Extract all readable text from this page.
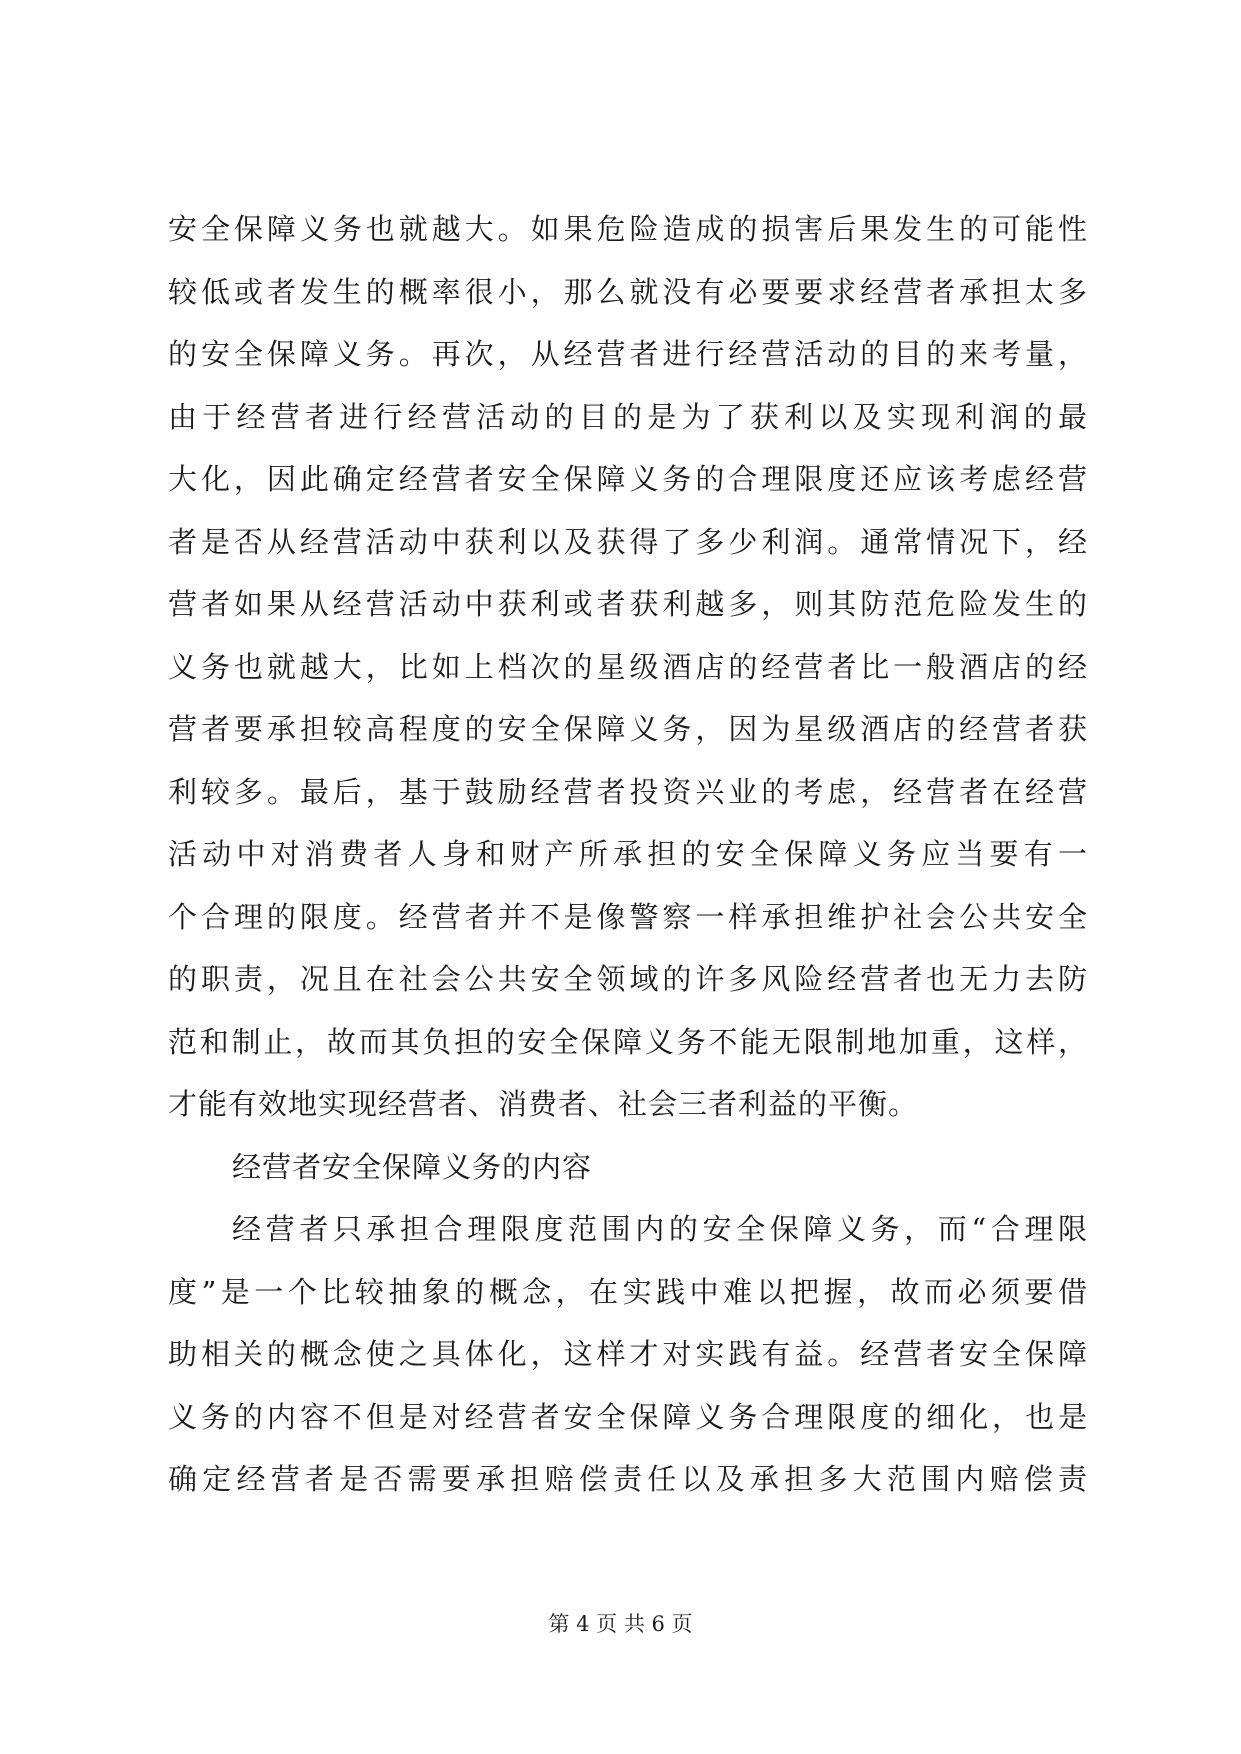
安全保障义务也就越大。如果危险造成的损害后果发生的可能性
较低或者发生的概率很小，那么就没有必要要求经营者承担太多
的安全保障义务。再次，从经营者进行经营活动的目的来考量，
由于经营者进行经营活动的目的是为了获利以及实现利润的最
大化，因此确定经营者安全保障义务的合理限度还应该考虑经营
者是否从经营活动中获利以及获得了多少利润。通常情况下，经
营者如果从经营活动中获利或者获利越多，则其防范危险发生的
义务也就越大，比如上档次的星级酒店的经营者比一般酒店的经
营者要承担较高程度的安全保障义务，因为星级酒店的经营者获
利较多。最后，基于鼓励经营者投资兴业的考虑，经营者在经营
活动中对消费者人身和财产所承担的安全保障义务应当要有一
个合理的限度。经营者并不是像警察一样承担维护社会公共安全
的职责，况且在社会公共安全领域的许多风险经营者也无力去防
范和制止，故而其负担的安全保障义务不能无限制地加重，这样，
才能有效地实现经营者、消费者、社会三者利益的平衡。
经营者安全保障义务的内容
经营者只承担合理限度范围内的安全保障义务，而“合理限
度”是一个比较抽象的概念，在实践中难以把握，故而必须要借
助相关的概念使之具体化，这样才对实践有益。经营者安全保障
义务的内容不但是对经营者安全保障义务合理限度的细化，也是
确定经营者是否需要承担赔偿责任以及承担多大范围内赔偿责
第 4 页 共 6 页
